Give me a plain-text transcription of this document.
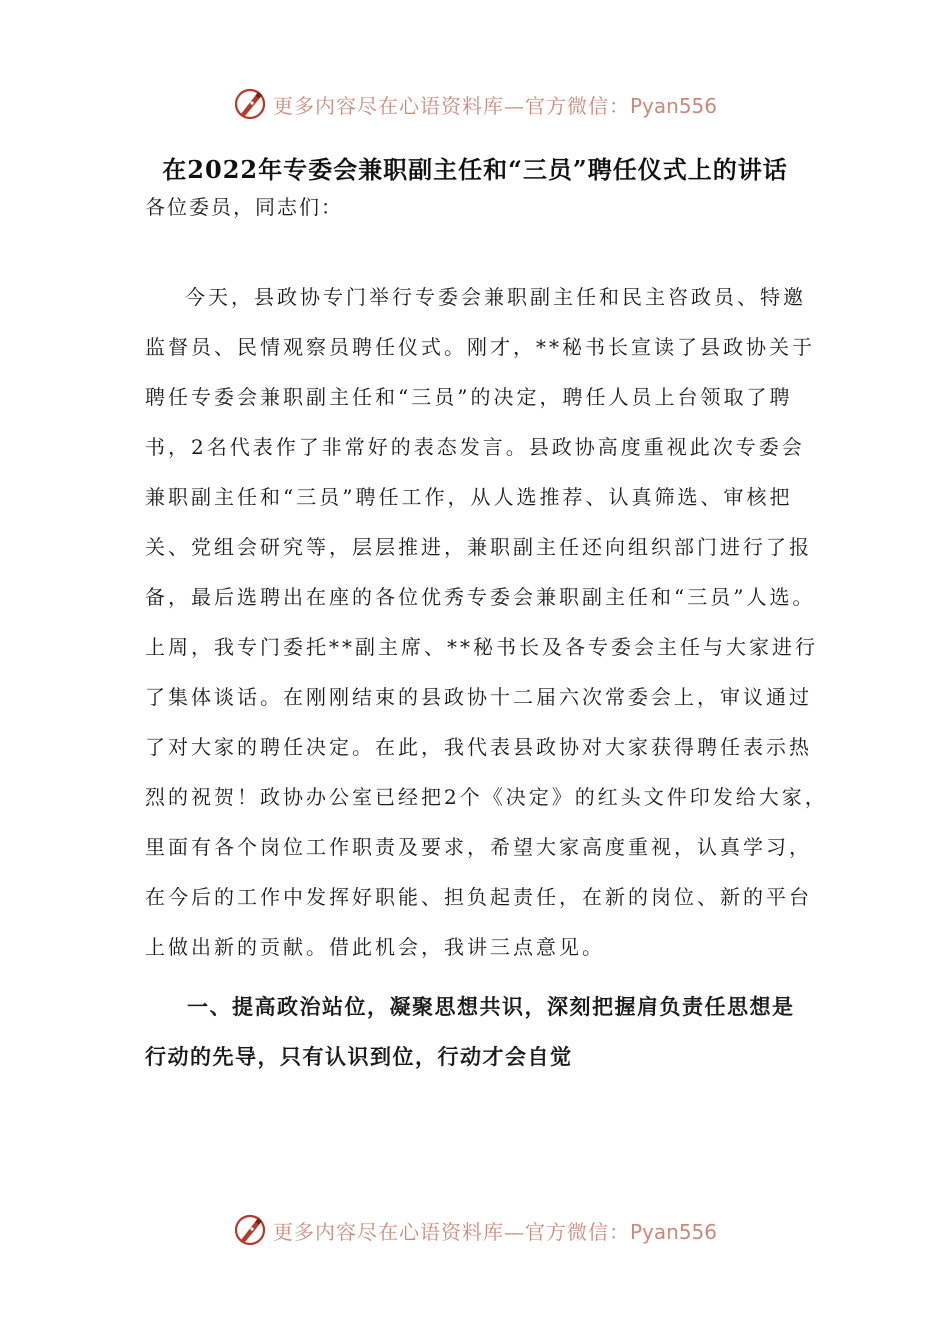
更多内容尽在心语资料库—官方微信：Pyan556
在2022年专委会兼职副主任和“三员”聘任仪式上的讲话
各位委员，同志们：
今天，县政协专门举行专委会兼职副主任和民主咨政员、特邀
监督员、民情观察员聘任仪式。刚才，**秘书长宣读了县政协关于
聘任专委会兼职副主任和“三员”的决定，聘任人员上台领取了聘
书，2名代表作了非常好的表态发言。县政协高度重视此次专委会
兼职副主任和“三员”聘任工作，从人选推荐、认真筛选、审核把
关、党组会研究等，层层推进，兼职副主任还向组织部门进行了报
备，最后选聘出在座的各位优秀专委会兼职副主任和“三员”人选。
上周，我专门委托**副主席、**秘书长及各专委会主任与大家进行
了集体谈话。在刚刚结束的县政协十二届六次常委会上，审议通过
了对大家的聘任决定。在此，我代表县政协对大家获得聘任表示热
烈的祝贺！政协办公室已经把2个《决定》的红头文件印发给大家，
里面有各个岗位工作职责及要求，希望大家高度重视，认真学习，
在今后的工作中发挥好职能、担负起责任，在新的岗位、新的平台
上做出新的贡献。借此机会，我讲三点意见。
一、提高政治站位，凝聚思想共识，深刻把握肩负责任思想是
行动的先导，只有认识到位，行动才会自觉
更多内容尽在心语资料库—官方微信：Pyan556
